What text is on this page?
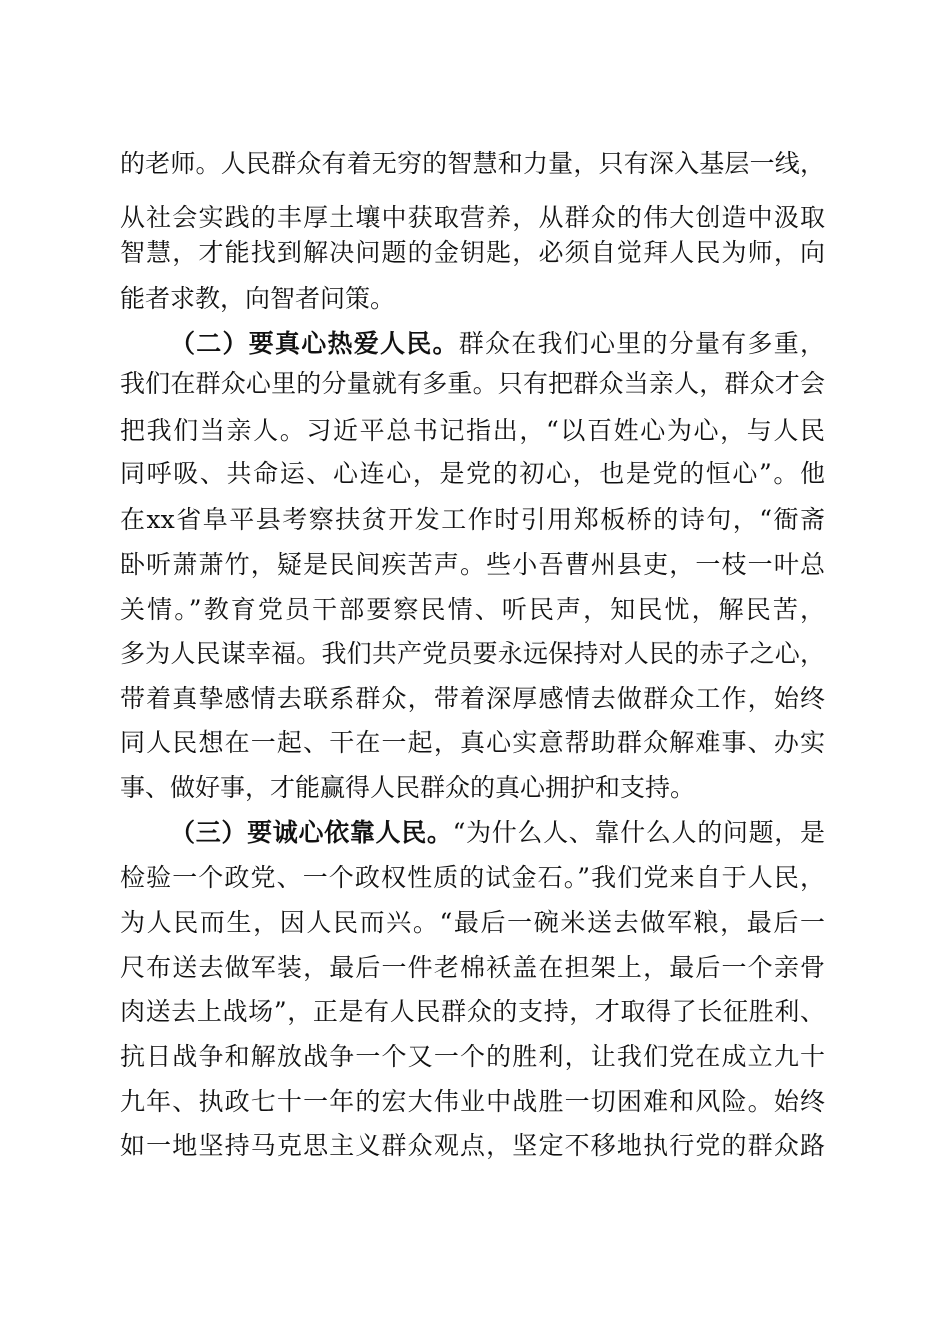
的老师。人民群众有着无穷的智慧和力量，只有深入基层一线，
从社会实践的丰厚土壤中获取营养，从群众的伟大创造中汲取
智慧，才能找到解决问题的金钥匙，必须自觉拜人民为师，向
能者求教，向智者问策。
（二）要真心热爱人民。群众在我们心里的分量有多重，
我们在群众心里的分量就有多重。只有把群众当亲人，群众才会
把我们当亲人。习近平总书记指出，“以百姓心为心，与人民
同呼吸、共命运、心连心，是党的初心，也是党的恒心”。他
在xx省阜平县考察扶贫开发工作时引用郑板桥的诗句，“衙斋
卧听萧萧竹，疑是民间疾苦声。些小吾曹州县吏，一枝一叶总
关情。”教育党员干部要察民情、听民声，知民忧，解民苦，
多为人民谋幸福。我们共产党员要永远保持对人民的赤子之心，
带着真挚感情去联系群众，带着深厚感情去做群众工作，始终
同人民想在一起、干在一起，真心实意帮助群众解难事、办实
事、做好事，才能赢得人民群众的真心拥护和支持。
（三）要诚心依靠人民。“为什么人、靠什么人的问题，是
检验一个政党、一个政权性质的试金石。”我们党来自于人民，
为人民而生，因人民而兴。“最后一碗米送去做军粮，最后一
尺布送去做军装，最后一件老棉袄盖在担架上，最后一个亲骨
肉送去上战场”，正是有人民群众的支持，才取得了长征胜利、
抗日战争和解放战争一个又一个的胜利，让我们党在成立九十
九年、执政七十一年的宏大伟业中战胜一切困难和风险。始终
如一地坚持马克思主义群众观点，坚定不移地执行党的群众路
